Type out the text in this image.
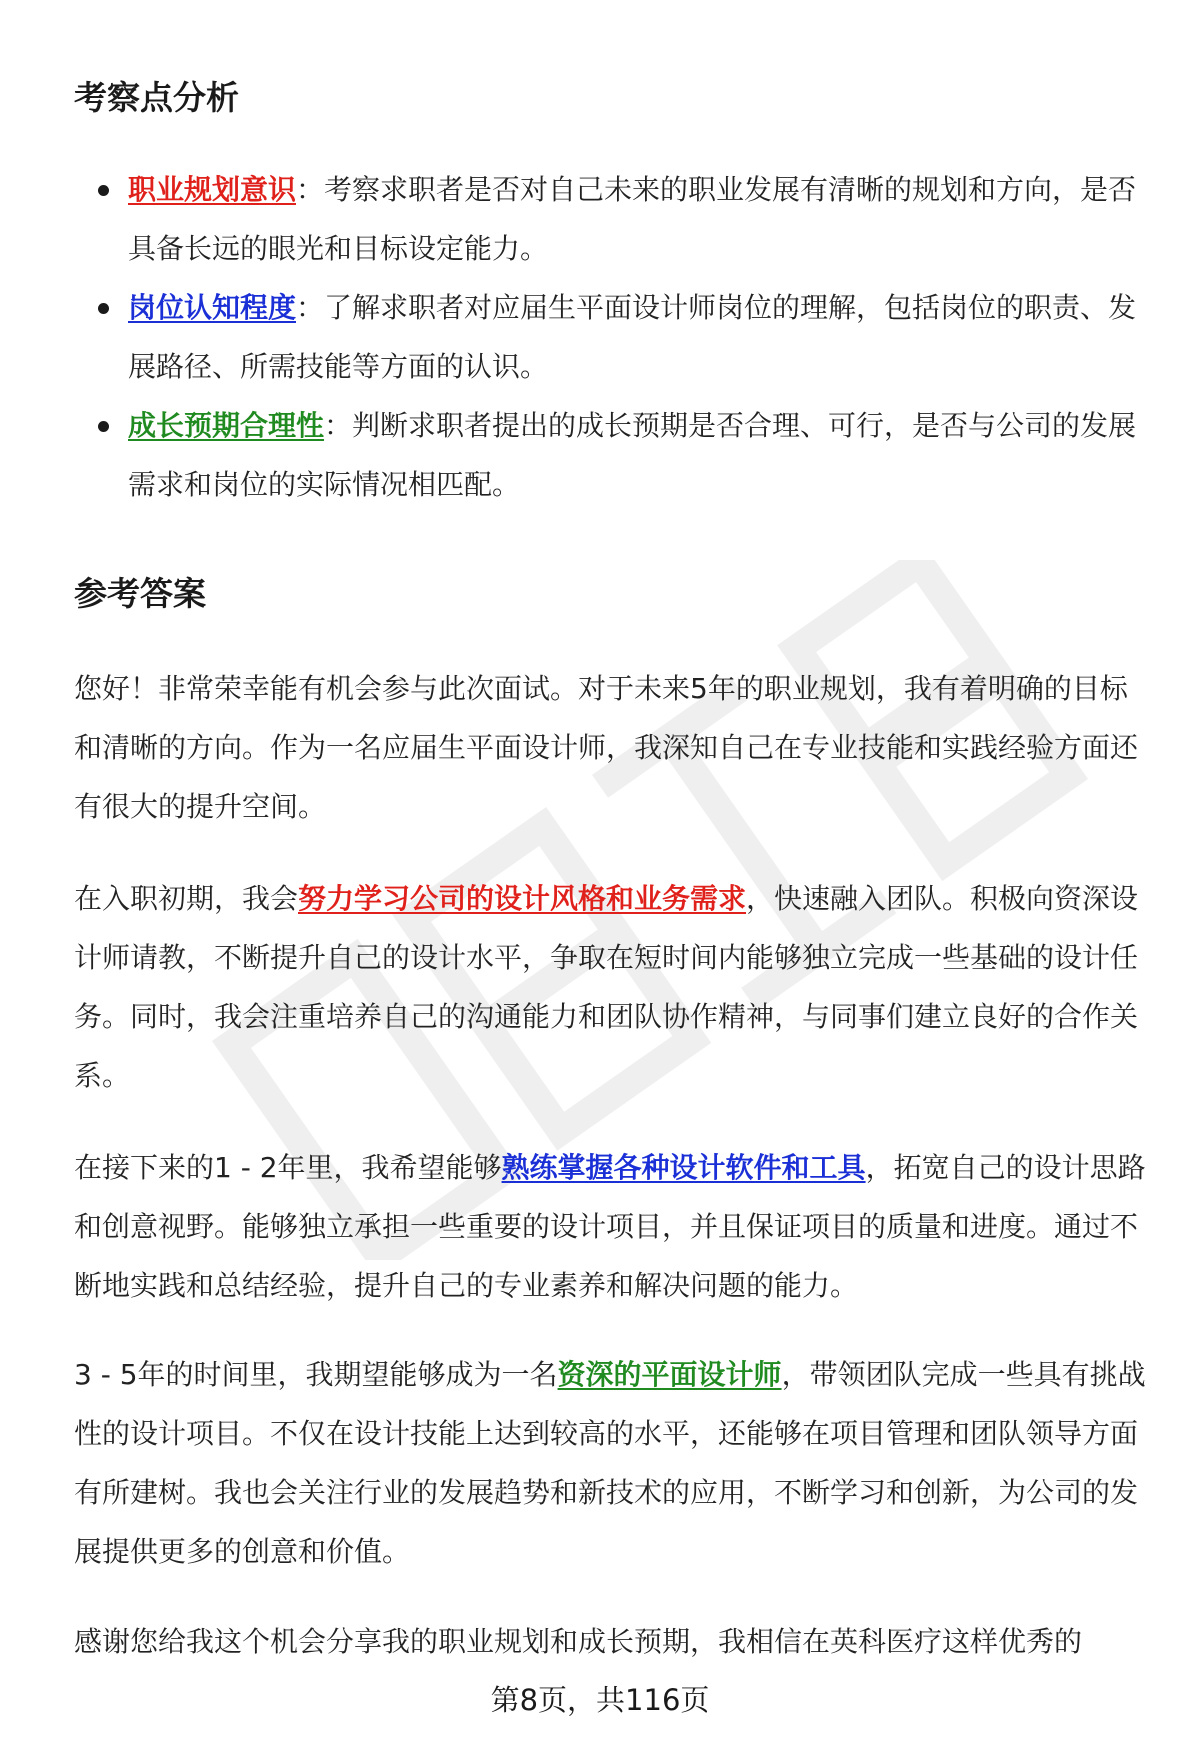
考察点分析
职业规划意识：考察求职者是否对自己未来的职业发展有清晰的规划和方向，是否具备长远的眼光和目标设定能力。
岗位认知程度：了解求职者对应届生平面设计师岗位的理解，包括岗位的职责、发展路径、所需技能等方面的认识。
成长预期合理性：判断求职者提出的成长预期是否合理、可行，是否与公司的发展需求和岗位的实际情况相匹配。
参考答案

您好！非常荣幸能有机会参与此次面试。对于未来5年的职业规划，我有着明确的目标和清晰的方向。作为一名应届生平面设计师，我深知自己在专业技能和实践经验方面还有很大的提升空间。

在入职初期，我会努力学习公司的设计风格和业务需求，快速融入团队。积极向资深设计师请教，不断提升自己的设计水平，争取在短时间内能够独立完成一些基础的设计任务。同时，我会注重培养自己的沟通能力和团队协作精神，与同事们建立良好的合作关系。

在接下来的1 - 2年里，我希望能够熟练掌握各种设计软件和工具，拓宽自己的设计思路和创意视野。能够独立承担一些重要的设计项目，并且保证项目的质量和进度。通过不断地实践和总结经验，提升自己的专业素养和解决问题的能力。

3 - 5年的时间里，我期望能够成为一名资深的平面设计师，带领团队完成一些具有挑战性的设计项目。不仅在设计技能上达到较高的水平，还能够在项目管理和团队领导方面有所建树。我也会关注行业的发展趋势和新技术的应用，不断学习和创新，为公司的发展提供更多的创意和价值。

感谢您给我这个机会分享我的职业规划和成长预期，我相信在英科医疗这样优秀的

第8页，共116页
